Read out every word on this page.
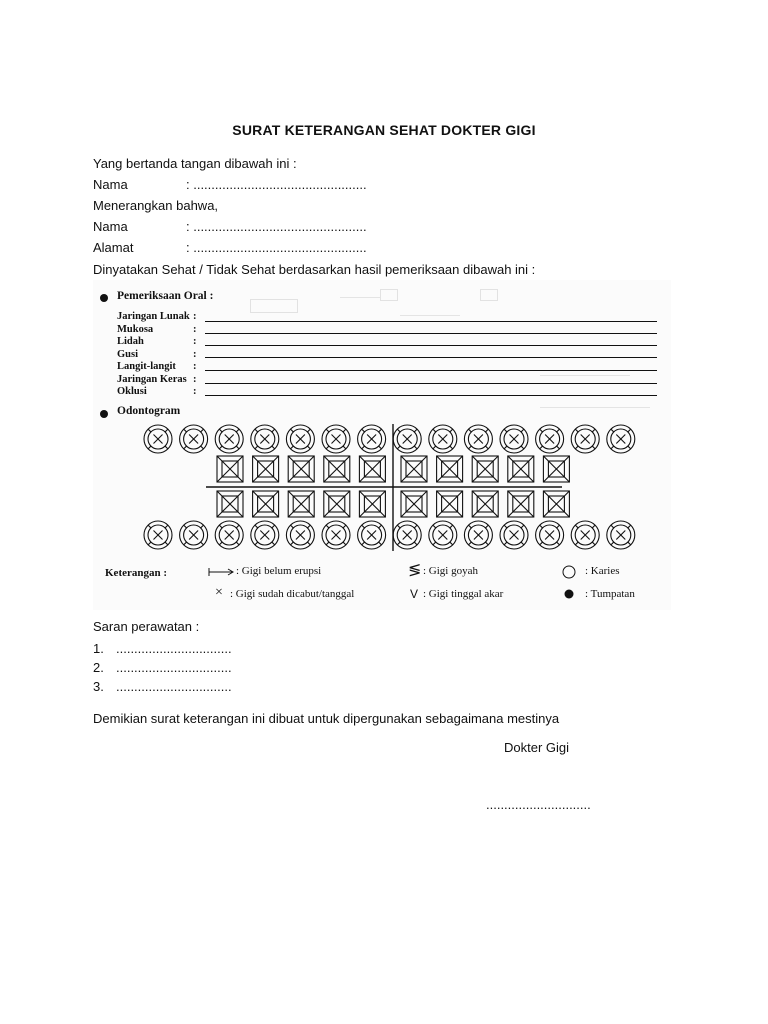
SURAT KETERANGAN SEHAT DOKTER GIGI
Yang bertanda tangan dibawah ini :
Nama	: ................................................
Menerangkan bahwa,
Nama	: ................................................
Alamat	: ................................................
Dinyatakan Sehat / Tidak Sehat berdasarkan hasil pemeriksaan dibawah ini :
Pemeriksaan Oral :
Jaringan Lunak :
Mukosa	:
Lidah	:
Gusi	:
Langit-langit :
Jaringan Keras :
Oklusi	:
Odontogram
Keterangan :	: Gigi belum erupsi	≶ : Gigi goyah	: Karies
× : Gigi sudah dicabut/tanggal	V : Gigi tinggal akar	: Tumpatan
Saran perawatan :
1. ................................
2. ................................
3. ................................
Demikian surat keterangan ini dibuat untuk dipergunakan sebagaimana mestinya
Dokter Gigi
.............................
